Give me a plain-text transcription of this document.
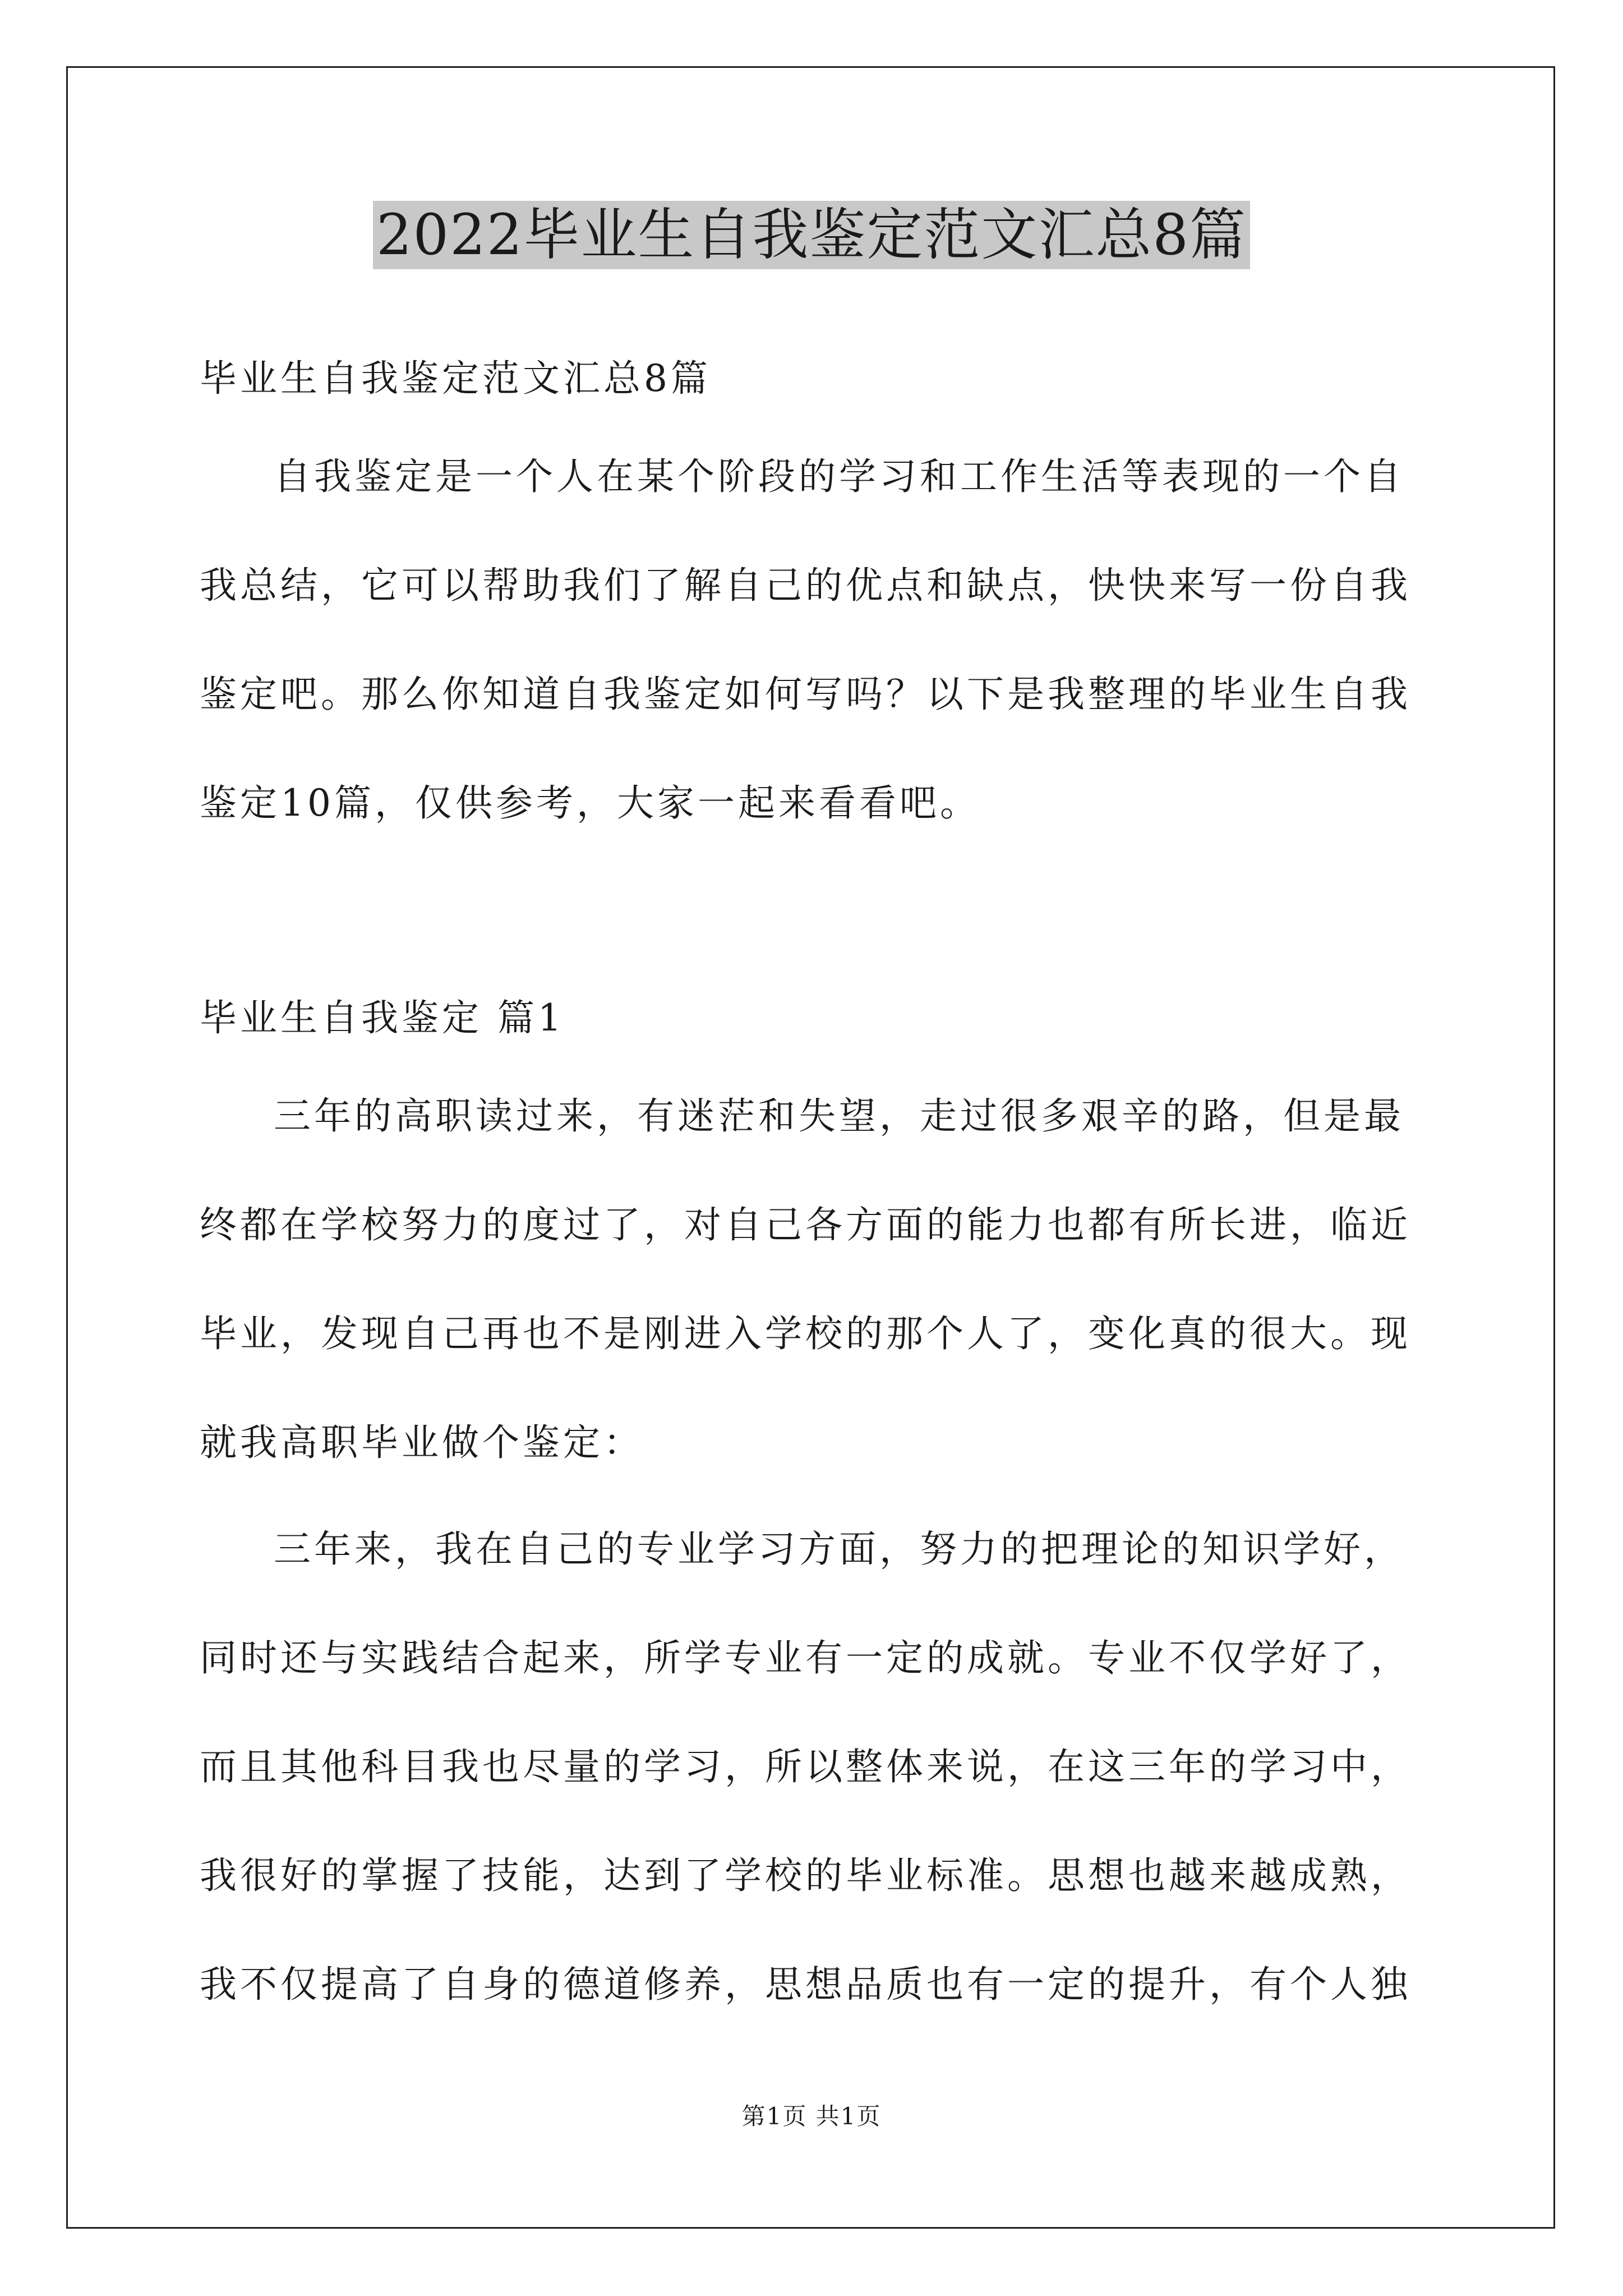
2022毕业生自我鉴定范文汇总8篇
毕业生自我鉴定范文汇总8篇
自我鉴定是一个人在某个阶段的学习和工作生活等表现的一个自
我总结，它可以帮助我们了解自己的优点和缺点，快快来写一份自我
鉴定吧。那么你知道自我鉴定如何写吗？以下是我整理的毕业生自我
鉴定10篇，仅供参考，大家一起来看看吧。
毕业生自我鉴定 篇1
三年的高职读过来，有迷茫和失望，走过很多艰辛的路，但是最
终都在学校努力的度过了，对自己各方面的能力也都有所长进，临近
毕业，发现自己再也不是刚进入学校的那个人了，变化真的很大。现
就我高职毕业做个鉴定：
三年来，我在自己的专业学习方面，努力的把理论的知识学好，
同时还与实践结合起来，所学专业有一定的成就。专业不仅学好了，
而且其他科目我也尽量的学习，所以整体来说，在这三年的学习中，
我很好的掌握了技能，达到了学校的毕业标准。思想也越来越成熟，
我不仅提高了自身的德道修养，思想品质也有一定的提升，有个人独
第1页 共1页
